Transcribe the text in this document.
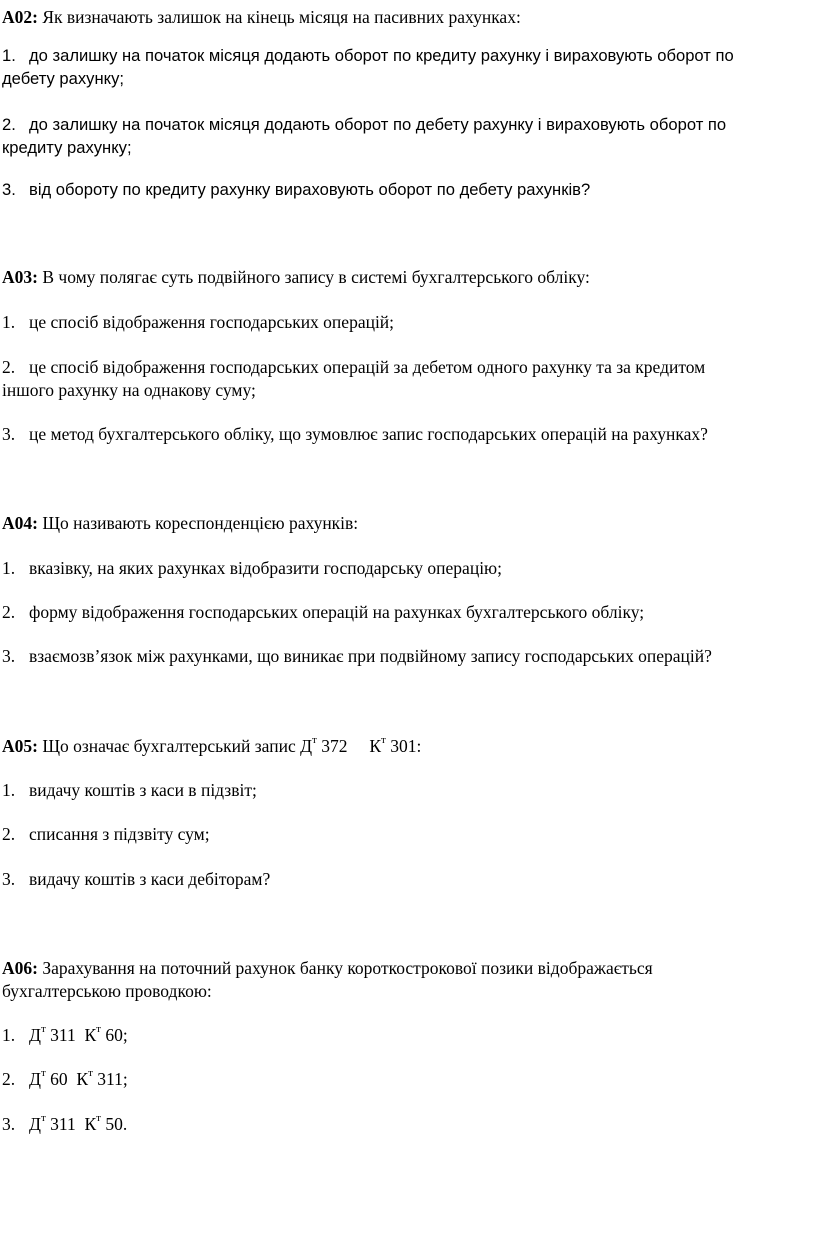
A02: Як визначають залишок на кінець місяця на пасивних рахунках:
1. до залишку на початок місяця додають оборот по кредиту рахунку і вираховують оборот по
дебету рахунку;
2. до залишку на початок місяця додають оборот по дебету рахунку і вираховують оборот по
кредиту рахунку;
3. від обороту по кредиту рахунку вираховують оборот по дебету рахунків?
А03: В чому полягає суть подвійного запису в системі бухгалтерського обліку:
1. це спосіб відображення господарських операцій;
2. це спосіб відображення господарських операцій за дебетом одного рахунку та за кредитом
іншого рахунку на однакову суму;
3. це метод бухгалтерського обліку, що зумовлює запис господарських операцій на рахунках?
А04: Що називають кореспонденцією рахунків:
1. вказівку, на яких рахунках відобразити господарську операцію;
2. форму відображення господарських операцій на рахунках бухгалтерського обліку;
3. взаємозв’язок між рахунками, що виникає при подвійному запису господарських операцій?
А05: Що означає бухгалтерський запис $Д^т$ 372     $К^т$ 301:
1. видачу коштів з каси в підзвіт;
2. списання з підзвіту сум;
3. видачу коштів з каси дебіторам?
А06: Зарахування на поточний рахунок банку короткострокової позики відображається
бухгалтерською проводкою:
1. $Д^т$ 311  $К^т$ 60;
2. $Д^т$ 60  $К^т$ 311;
3. $Д^т$ 311  $К^т$ 50.
